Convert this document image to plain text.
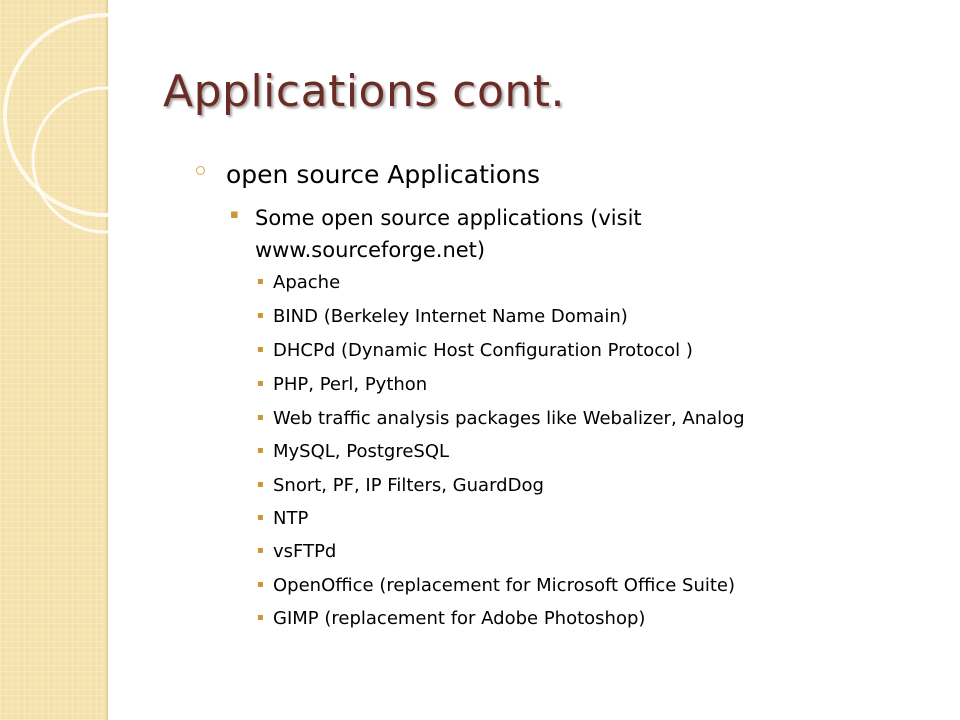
Applications cont.
open source Applications
▪ Some open source applications (visit www.sourceforge.net)
▪ Apache
▪ BIND (Berkeley Internet Name Domain)
▪ DHCPd (Dynamic Host Configuration Protocol )
▪ PHP, Perl, Python
▪ Web traffic analysis packages like Webalizer, Analog
▪ MySQL, PostgreSQL
▪ Snort, PF, IP Filters, GuardDog
▪ NTP
▪ vsFTPd
▪ OpenOffice (replacement for Microsoft Office Suite)
▪ GIMP (replacement for Adobe Photoshop)
